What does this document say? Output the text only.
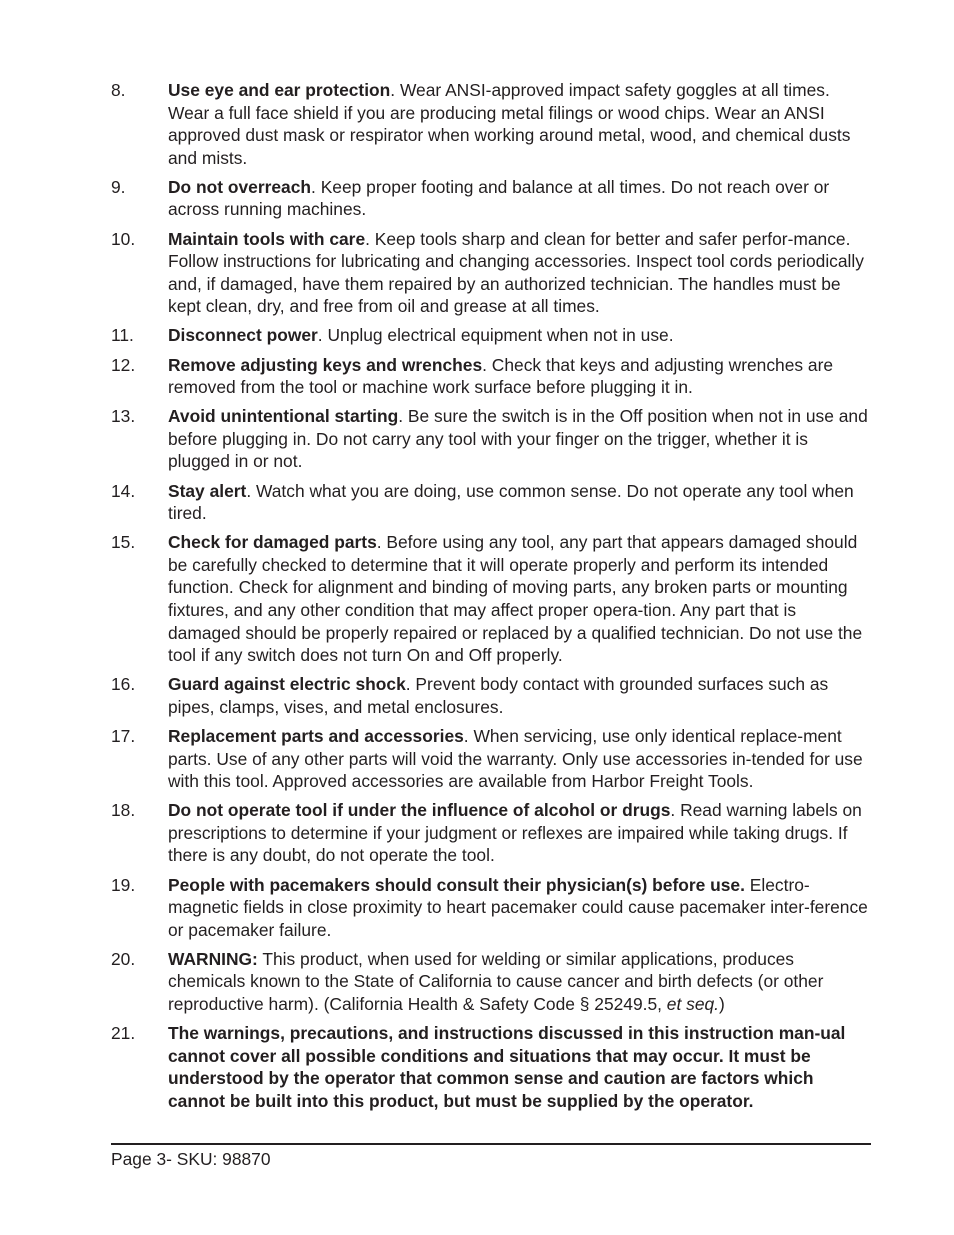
8.	Use eye and ear protection. Wear ANSI-approved impact safety goggles at all times. Wear a full face shield if you are producing metal filings or wood chips. Wear an ANSI approved dust mask or respirator when working around metal, wood, and chemical dusts and mists.
9.	Do not overreach. Keep proper footing and balance at all times. Do not reach over or across running machines.
10.	Maintain tools with care. Keep tools sharp and clean for better and safer perfor-mance. Follow instructions for lubricating and changing accessories. Inspect tool cords periodically and, if damaged, have them repaired by an authorized technician. The handles must be kept clean, dry, and free from oil and grease at all times.
11.	Disconnect power. Unplug electrical equipment when not in use.
12.	Remove adjusting keys and wrenches. Check that keys and adjusting wrenches are removed from the tool or machine work surface before plugging it in.
13.	Avoid unintentional starting. Be sure the switch is in the Off position when not in use and before plugging in. Do not carry any tool with your finger on the trigger, whether it is plugged in or not.
14.	Stay alert. Watch what you are doing, use common sense. Do not operate any tool when tired.
15.	Check for damaged parts. Before using any tool, any part that appears damaged should be carefully checked to determine that it will operate properly and perform its intended function. Check for alignment and binding of moving parts, any broken parts or mounting fixtures, and any other condition that may affect proper opera-tion. Any part that is damaged should be properly repaired or replaced by a qualified technician. Do not use the tool if any switch does not turn On and Off properly.
16.	Guard against electric shock. Prevent body contact with grounded surfaces such as pipes, clamps, vises, and metal enclosures.
17.	Replacement parts and accessories. When servicing, use only identical replace-ment parts. Use of any other parts will void the warranty. Only use accessories in-tended for use with this tool. Approved accessories are available from Harbor Freight Tools.
18.	Do not operate tool if under the influence of alcohol or drugs. Read warning labels on prescriptions to determine if your judgment or reflexes are impaired while taking drugs. If there is any doubt, do not operate the tool.
19.	People with pacemakers should consult their physician(s) before use. Electro-magnetic fields in close proximity to heart pacemaker could cause pacemaker inter-ference or pacemaker failure.
20.	WARNING: This product, when used for welding or similar applications, produces chemicals known to the State of California to cause cancer and birth defects (or other reproductive harm). (California Health & Safety Code § 25249.5, et seq.)
21.	The warnings, precautions, and instructions discussed in this instruction man-ual cannot cover all possible conditions and situations that may occur. It must be understood by the operator that common sense and caution are factors which cannot be built into this product, but must be supplied by the operator.
Page 3- SKU: 98870
